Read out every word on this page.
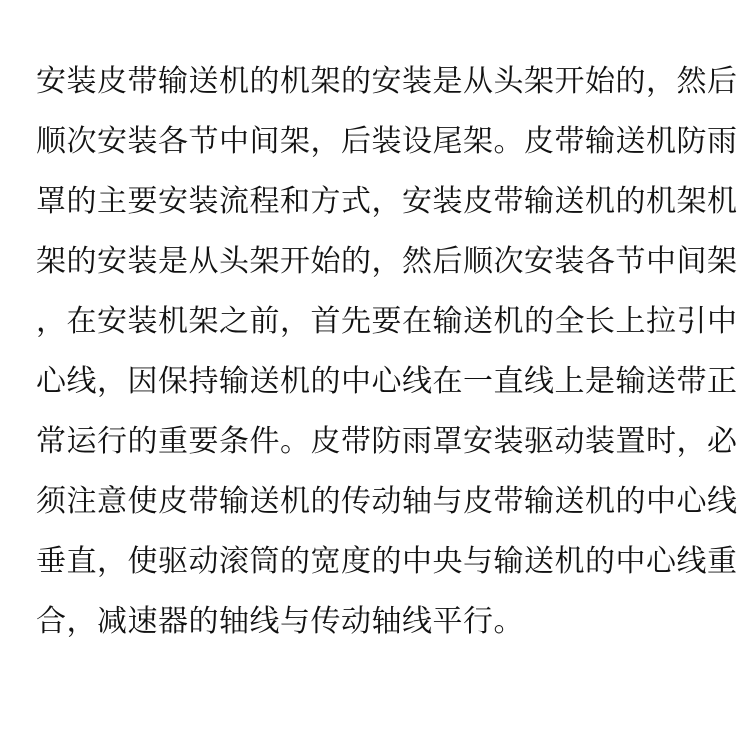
安装皮带输送机的机架的安装是从头架开始的，然后
顺次安装各节中间架，后装设尾架。皮带输送机防雨
罩的主要安装流程和方式，安装皮带输送机的机架机
架的安装是从头架开始的，然后顺次安装各节中间架
，在安装机架之前，首先要在输送机的全长上拉引中
心线，因保持输送机的中心线在一直线上是输送带正
常运行的重要条件。皮带防雨罩安装驱动装置时，必
须注意使皮带输送机的传动轴与皮带输送机的中心线
垂直，使驱动滚筒的宽度的中央与输送机的中心线重
合，减速器的轴线与传动轴线平行。
